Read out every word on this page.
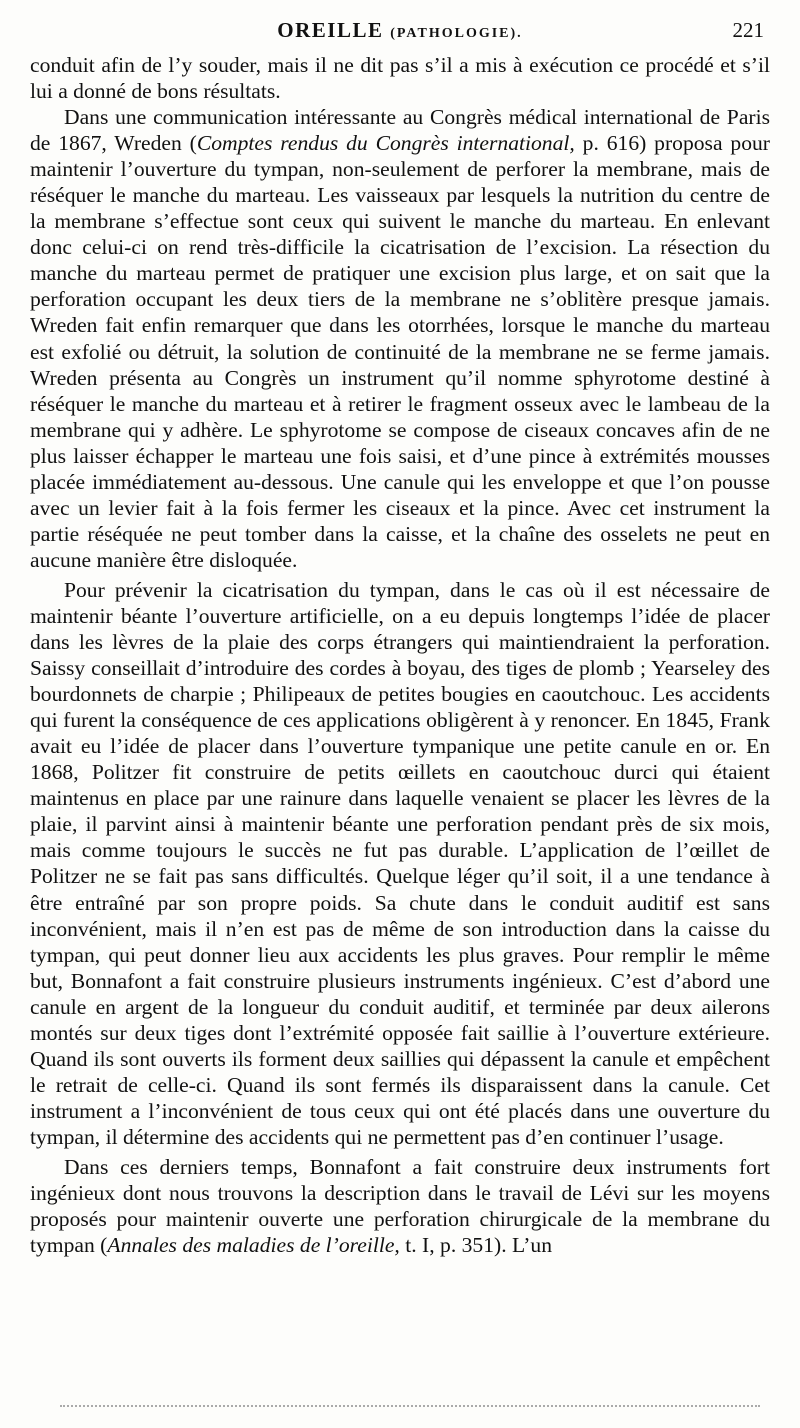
OREILLE (PATHOLOGIE).	221

conduit afin de l’y souder, mais il ne dit pas s’il a mis à exécution ce procédé et s’il lui a donné de bons résultats.

Dans une communication intéressante au Congrès médical international de Paris de 1867, Wreden (Comptes rendus du Congrès international, p. 616) proposa pour maintenir l’ouverture du tympan, non-seulement de perforer la membrane, mais de réséquer le manche du marteau. Les vaisseaux par lesquels la nutrition du centre de la membrane s’effectue sont ceux qui suivent le manche du marteau. En enlevant donc celui-ci on rend très-difficile la cicatrisation de l’excision. La résection du manche du marteau permet de pratiquer une excision plus large, et on sait que la perforation occupant les deux tiers de la membrane ne s’oblitère presque jamais. Wreden fait enfin remarquer que dans les otorrhées, lorsque le manche du marteau est exfolié ou détruit, la solution de continuité de la membrane ne se ferme jamais. Wreden présenta au Congrès un instrument qu’il nomme sphyrotome destiné à réséquer le manche du marteau et à retirer le fragment osseux avec le lambeau de la membrane qui y adhère. Le sphyrotome se compose de ciseaux concaves afin de ne plus laisser échapper le marteau une fois saisi, et d’une pince à extrémités mousses placée immédiatement au-dessous. Une canule qui les enveloppe et que l’on pousse avec un levier fait à la fois fermer les ciseaux et la pince. Avec cet instrument la partie réséquée ne peut tomber dans la caisse, et la chaîne des osselets ne peut en aucune manière être disloquée.

Pour prévenir la cicatrisation du tympan, dans le cas où il est nécessaire de maintenir béante l’ouverture artificielle, on a eu depuis longtemps l’idée de placer dans les lèvres de la plaie des corps étrangers qui maintiendraient la perforation. Saissy conseillait d’introduire des cordes à boyau, des tiges de plomb ; Yearseley des bourdonnets de charpie ; Philipeaux de petites bougies en caoutchouc. Les accidents qui furent la conséquence de ces applications obligèrent à y renoncer. En 1845, Frank avait eu l’idée de placer dans l’ouverture tympanique une petite canule en or. En 1868, Politzer fit construire de petits œillets en caoutchouc durci qui étaient maintenus en place par une rainure dans laquelle venaient se placer les lèvres de la plaie, il parvint ainsi à maintenir béante une perforation pendant près de six mois, mais comme toujours le succès ne fut pas durable. L’application de l’œillet de Politzer ne se fait pas sans difficultés. Quelque léger qu’il soit, il a une tendance à être entraîné par son propre poids. Sa chute dans le conduit auditif est sans inconvénient, mais il n’en est pas de même de son introduction dans la caisse du tympan, qui peut donner lieu aux accidents les plus graves. Pour remplir le même but, Bonnafont a fait construire plusieurs instruments ingénieux. C’est d’abord une canule en argent de la longueur du conduit auditif, et terminée par deux ailerons montés sur deux tiges dont l’extrémité opposée fait saillie à l’ouverture extérieure. Quand ils sont ouverts ils forment deux saillies qui dépassent la canule et empêchent le retrait de celle-ci. Quand ils sont fermés ils disparaissent dans la canule. Cet instrument a l’inconvénient de tous ceux qui ont été placés dans une ouverture du tympan, il détermine des accidents qui ne permettent pas d’en continuer l’usage.

Dans ces derniers temps, Bonnafont a fait construire deux instruments fort ingénieux dont nous trouvons la description dans le travail de Lévi sur les moyens proposés pour maintenir ouverte une perforation chirurgicale de la membrane du tympan (Annales des maladies de l’oreille, t. I, p. 351). L’un
